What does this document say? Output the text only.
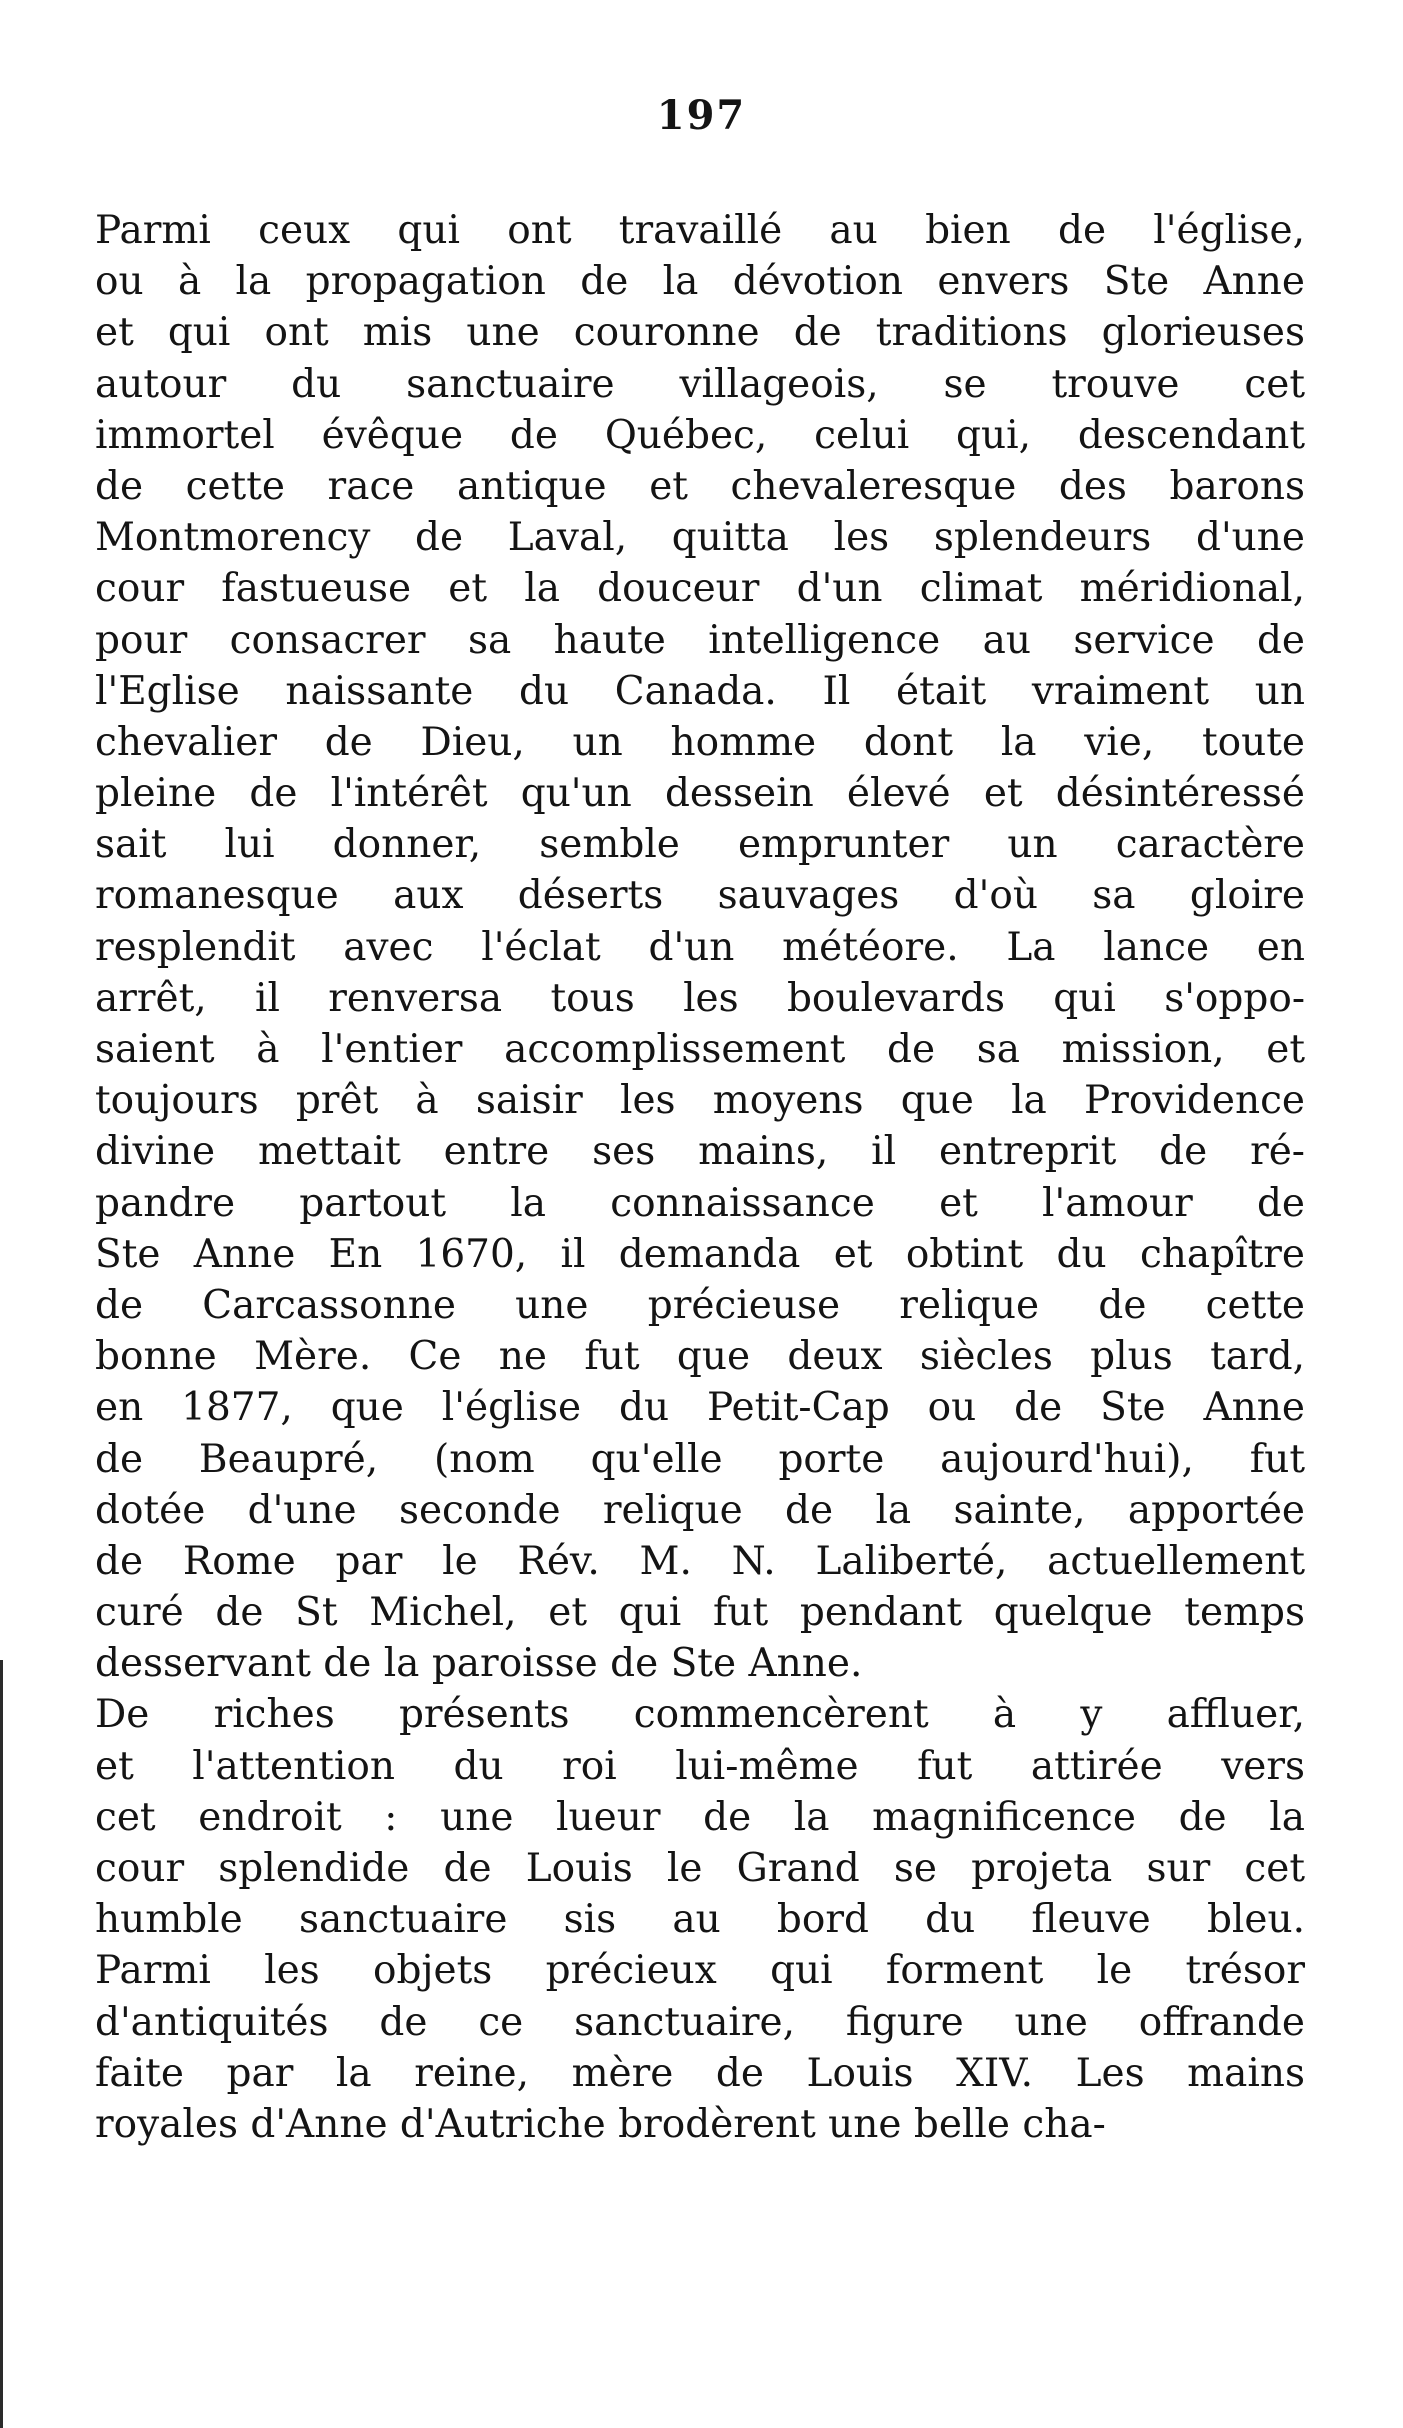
197
Parmi ceux qui ont travaillé au bien de l'église,
ou à la propagation de la dévotion envers Ste Anne
et qui ont mis une couronne de traditions glorieuses
autour du sanctuaire villageois, se trouve cet
immortel évêque de Québec, celui qui, descendant
de cette race antique et chevaleresque des barons
Montmorency de Laval, quitta les splendeurs d'une
cour fastueuse et la douceur d'un climat méridional,
pour consacrer sa haute intelligence au service de
l'Eglise naissante du Canada. Il était vraiment un
chevalier de Dieu, un homme dont la vie, toute
pleine de l'intérêt qu'un dessein élevé et désintéressé
sait lui donner, semble emprunter un caractère
romanesque aux déserts sauvages d'où sa gloire
resplendit avec l'éclat d'un météore. La lance en
arrêt, il renversa tous les boulevards qui s'oppo-
saient à l'entier accomplissement de sa mission, et
toujours prêt à saisir les moyens que la Providence
divine mettait entre ses mains, il entreprit de ré-
pandre partout la connaissance et l'amour de
Ste Anne En 1670, il demanda et obtint du chapître
de Carcassonne une précieuse relique de cette
bonne Mère. Ce ne fut que deux siècles plus tard,
en 1877, que l'église du Petit-Cap ou de Ste Anne
de Beaupré, (nom qu'elle porte aujourd'hui), fut
dotée d'une seconde relique de la sainte, apportée
de Rome par le Rév. M. N. Laliberté, actuellement
curé de St Michel, et qui fut pendant quelque temps
desservant de la paroisse de Ste Anne.
De riches présents commencèrent à y affluer,
et l'attention du roi lui-même fut attirée vers
cet endroit : une lueur de la magnificence de la
cour splendide de Louis le Grand se projeta sur cet
humble sanctuaire sis au bord du fleuve bleu.
Parmi les objets précieux qui forment le trésor
d'antiquités de ce sanctuaire, figure une offrande
faite par la reine, mère de Louis XIV. Les mains
royales d'Anne d'Autriche brodèrent une belle cha-
